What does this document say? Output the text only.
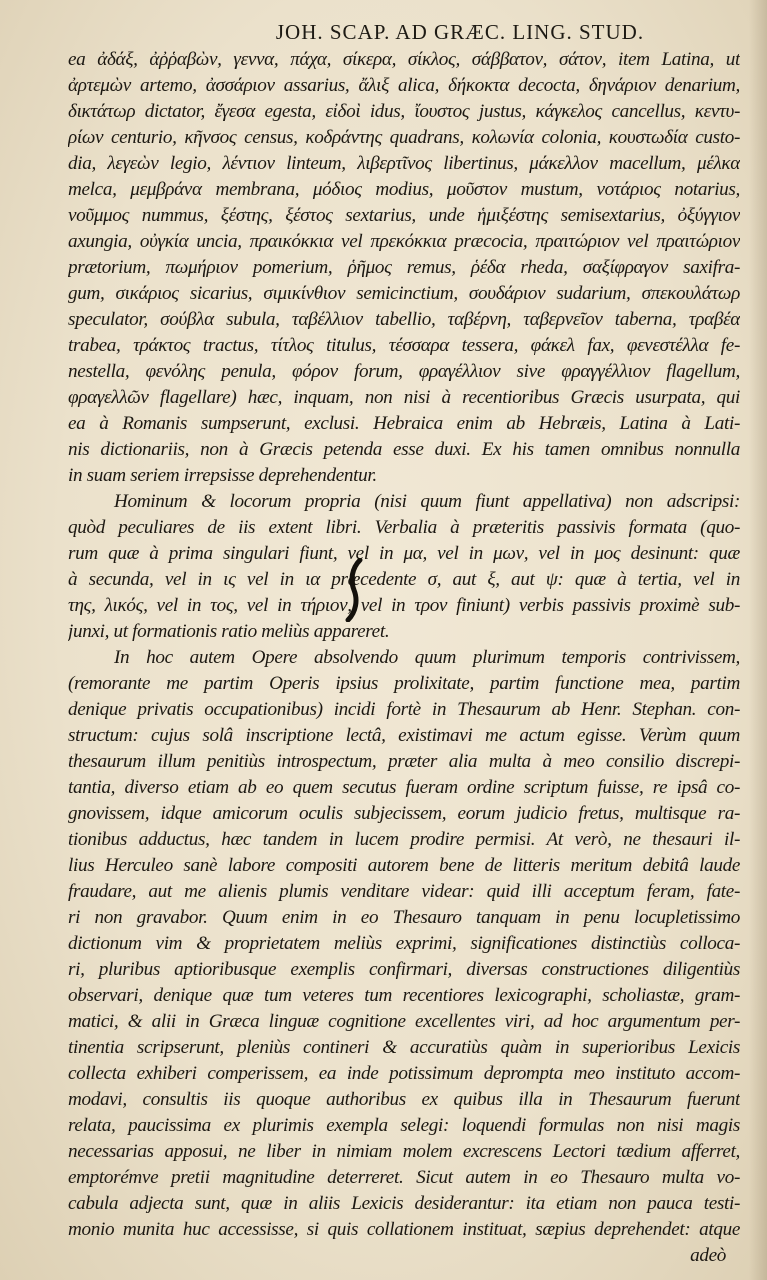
JOH. SCAP. AD GRÆC. LING. STUD.
ea ἀδάξ, ἀῤῥαβὼν, γεννα, πάχα, σίκερα, σίκλος, σάββατον, σάτον, item Latina, ut
ἀρτεμὼν artemo, ἀσσάριον assarius, ἄλιξ alica, δήκοκτα decocta, δηνάριον denarium,
δικτάτωρ dictator, ἔγεσα egesta, εἰδοὶ idus, ἴουστος justus, κάγκελος cancellus, κεντυ-
ρίων centurio, κῆνσος census, κοδράντης quadrans, κολωνία colonia, κουστωδία custo-
dia, λεγεὼν legio, λέντιον linteum, λιβερτῖνος libertinus, μάκελλον macellum, μέλκα
melca, μεμβράνα membrana, μόδιος modius, μοῦστον mustum, νοτάριος notarius,
νοῦμμος nummus, ξέστης, ξέστος sextarius, unde ἡμιξέστης semisextarius, ὀξύγγιον
axungia, οὐγκία uncia, πραικόκκια vel πρεκόκκια præcocia, πραιτώριον vel πραιτώριον
prætorium, πωμήριον pomerium, ῥῆμος remus, ῥέδα rheda, σαξίφραγον saxifra-
gum, σικάριος sicarius, σιμικίνθιον semicinctium, σουδάριον sudarium, σπεκουλάτωρ
speculator, σούβλα subula, ταβέλλιον tabellio, ταβέρνη, ταβερνεῖον taberna, τραβέα
trabea, τράκτος tractus, τίτλος titulus, τέσσαρα tessera, φάκελ fax, φενεστέλλα fe-
nestella, φενόλης penula, φόρον forum, φραγέλλιον sive φραγγέλλιον flagellum,
φραγελλῶν flagellare) hæc, inquam, non nisi à recentioribus Græcis usurpata, qui
ea à Romanis sumpserunt, exclusi. Hebraica enim ab Hebræis, Latina à Lati-
nis dictionariis, non à Græcis petenda esse duxi. Ex his tamen omnibus nonnulla
in suam seriem irrepsisse deprehendentur.
Hominum & locorum propria (nisi quum fiunt appellativa) non adscripsi:
quòd peculiares de iis extent libri. Verbalia à præteritis passivis formata (quo-
rum quæ à prima singulari fiunt, vel in μα, vel in μων, vel in μος desinunt: quæ
à secunda, vel in ις vel in ια præcedente σ, aut ξ, aut ψ: quæ à tertia, vel in
της, λικός, vel in τος, vel in τήριον, vel in τρον finiunt) verbis passivis proximè sub-
junxi, ut formationis ratio meliùs appareret.
In hoc autem Opere absolvendo quum plurimum temporis contrivissem,
(remorante me partim Operis ipsius prolixitate, partim functione mea, partim
denique privatis occupationibus) incidi fortè in Thesaurum ab Henr. Stephan. con-
structum: cujus solâ inscriptione lectâ, existimavi me actum egisse. Verùm quum
thesaurum illum penitiùs introspectum, præter alia multa à meo consilio discrepi-
tantia, diverso etiam ab eo quem secutus fueram ordine scriptum fuisse, re ipsâ co-
gnovissem, idque amicorum oculis subjecissem, eorum judicio fretus, multisque ra-
tionibus adductus, hæc tandem in lucem prodire permisi. At verò, ne thesauri il-
lius Herculeo sanè labore compositi autorem bene de litteris meritum debitâ laude
fraudare, aut me alienis plumis venditare videar: quid illi acceptum feram, fate-
ri non gravabor. Quum enim in eo Thesauro tanquam in penu locupletissimo
dictionum vim & proprietatem meliùs exprimi, significationes distinctiùs colloca-
ri, pluribus aptioribusque exemplis confirmari, diversas constructiones diligentiùs
observari, denique quæ tum veteres tum recentiores lexicographi, scholiastæ, gram-
matici, & alii in Græca linguæ cognitione excellentes viri, ad hoc argumentum per-
tinentia scripserunt, pleniùs contineri & accuratiùs quàm in superioribus Lexicis
collecta exhiberi comperissem, ea inde potissimum deprompta meo instituto accom-
modavi, consultis iis quoque authoribus ex quibus illa in Thesaurum fuerunt
relata, paucissima ex plurimis exempla selegi: loquendi formulas non nisi magis
necessarias apposui, ne liber in nimiam molem excrescens Lectori tædium afferret,
emptorémve pretii magnitudine deterreret. Sicut autem in eo Thesauro multa vo-
cabula adjecta sunt, quæ in aliis Lexicis desiderantur: ita etiam non pauca testi-
monio munita huc accessisse, si quis collationem instituat, sæpius deprehendet: atque
adeò
